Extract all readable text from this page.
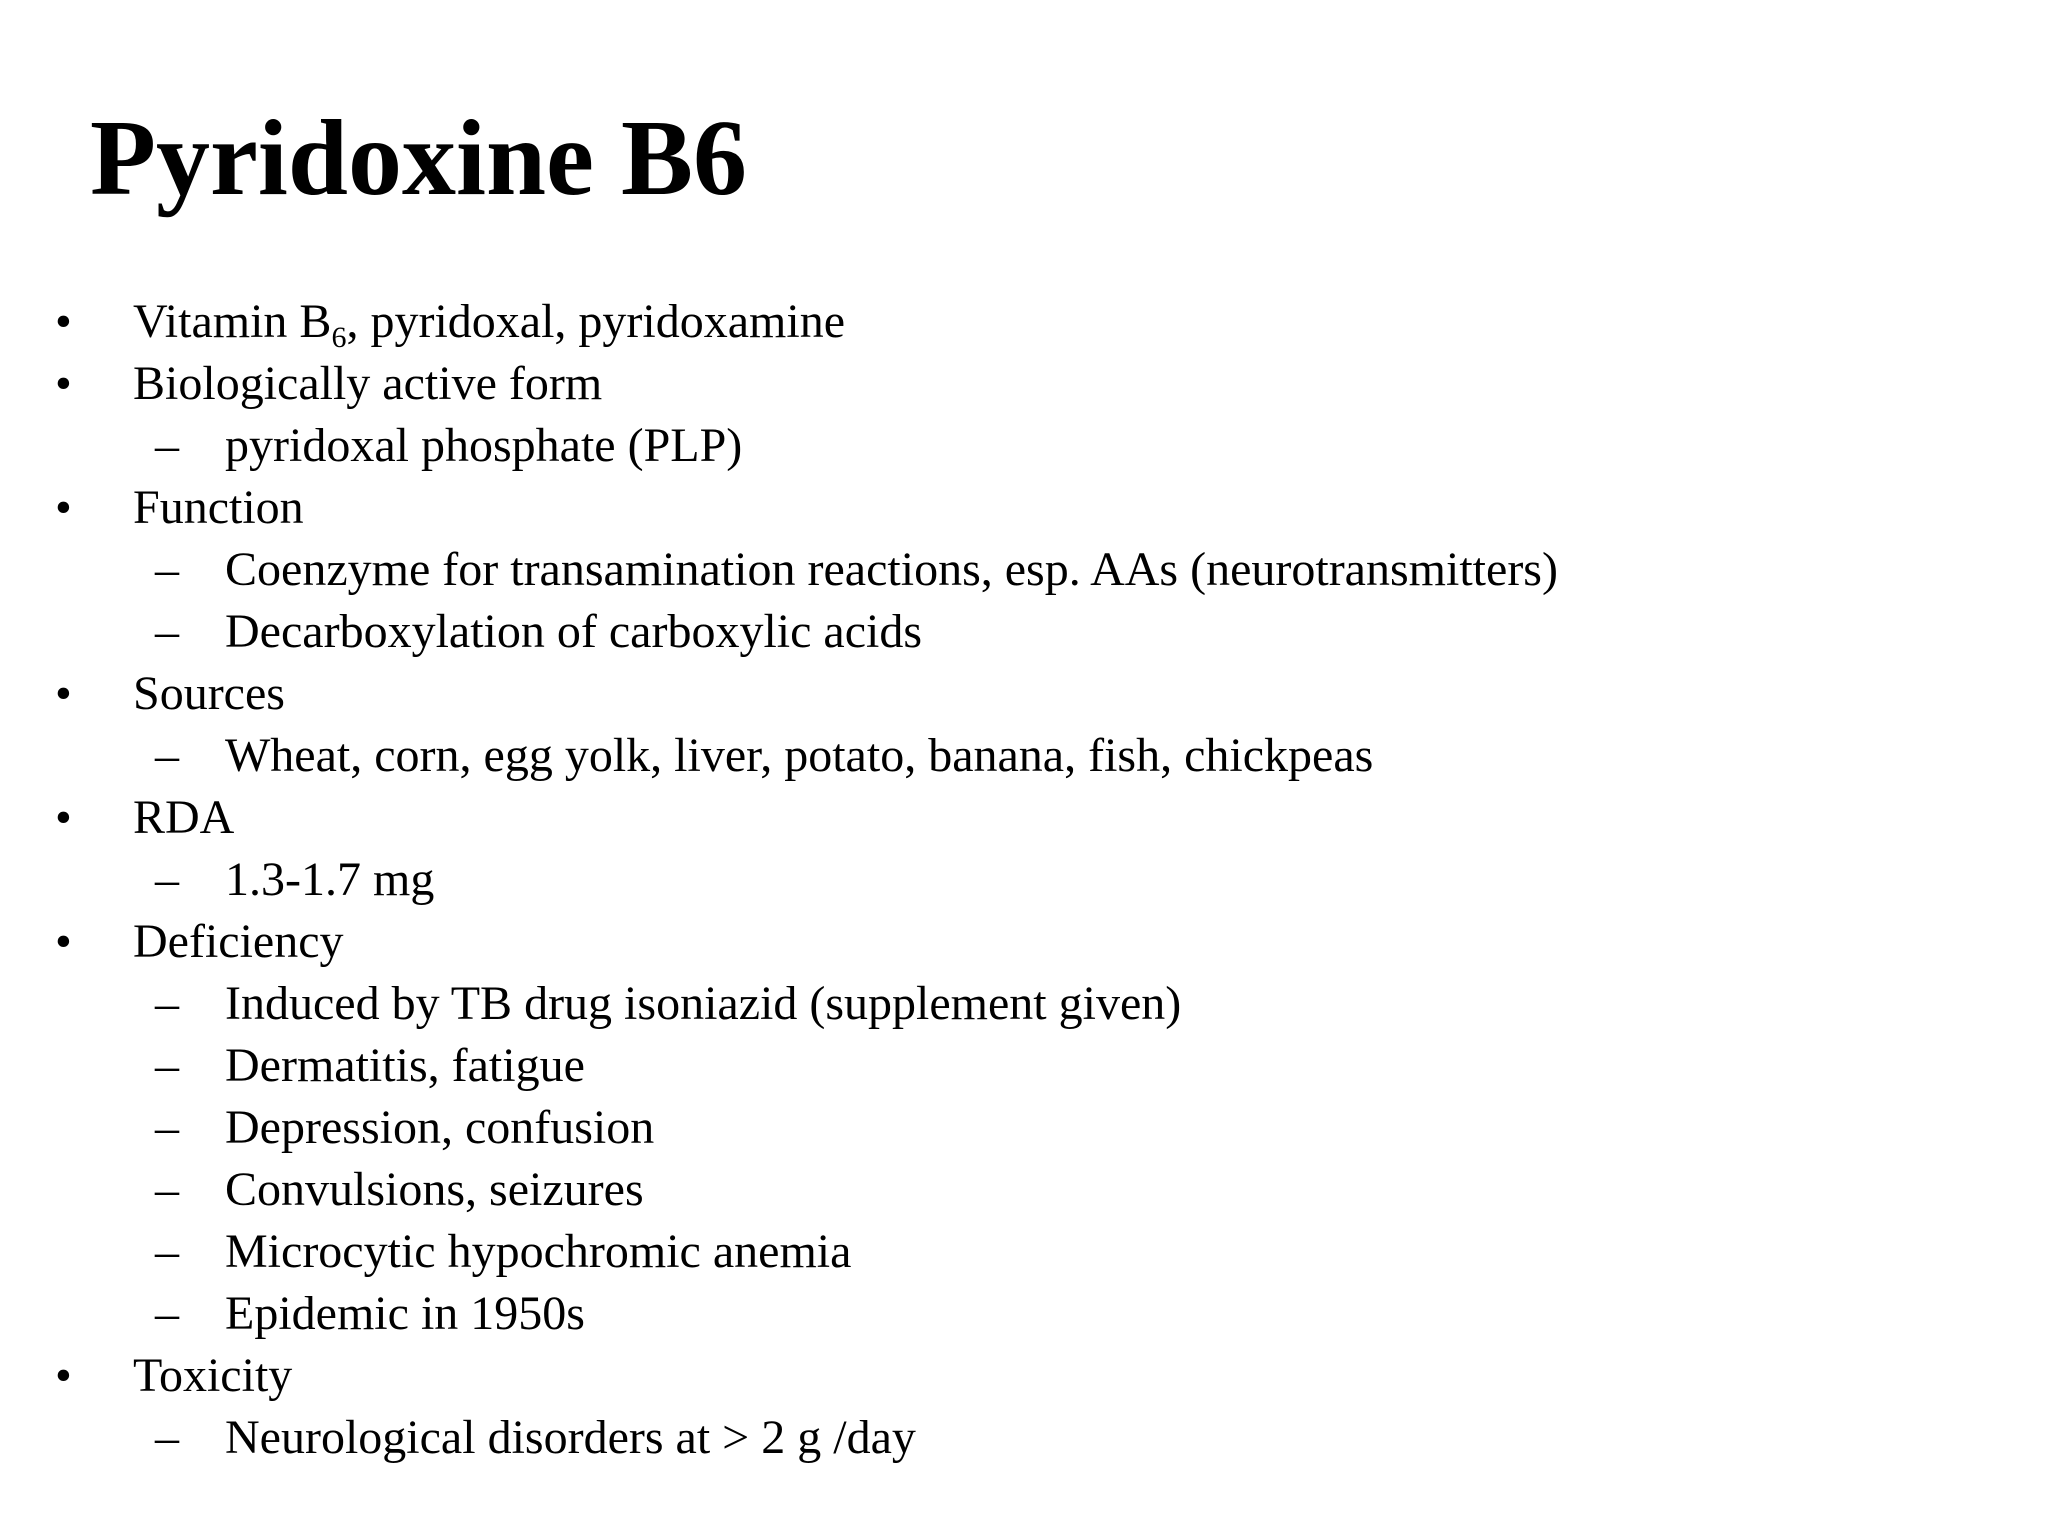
Pyridoxine B6
• Vitamin $B_6$, pyridoxal, pyridoxamine
• Biologically active form
– pyridoxal phosphate (PLP)
• Function
– Coenzyme for transamination reactions, esp. AAs (neurotransmitters)
– Decarboxylation of carboxylic acids
• Sources
– Wheat, corn, egg yolk, liver, potato, banana, fish, chickpeas
• RDA
– 1.3-1.7 mg
• Deficiency
– Induced by TB drug isoniazid (supplement given)
– Dermatitis, fatigue
– Depression, confusion
– Convulsions, seizures
– Microcytic hypochromic anemia
– Epidemic in 1950s
• Toxicity
– Neurological disorders at > 2 g /day
